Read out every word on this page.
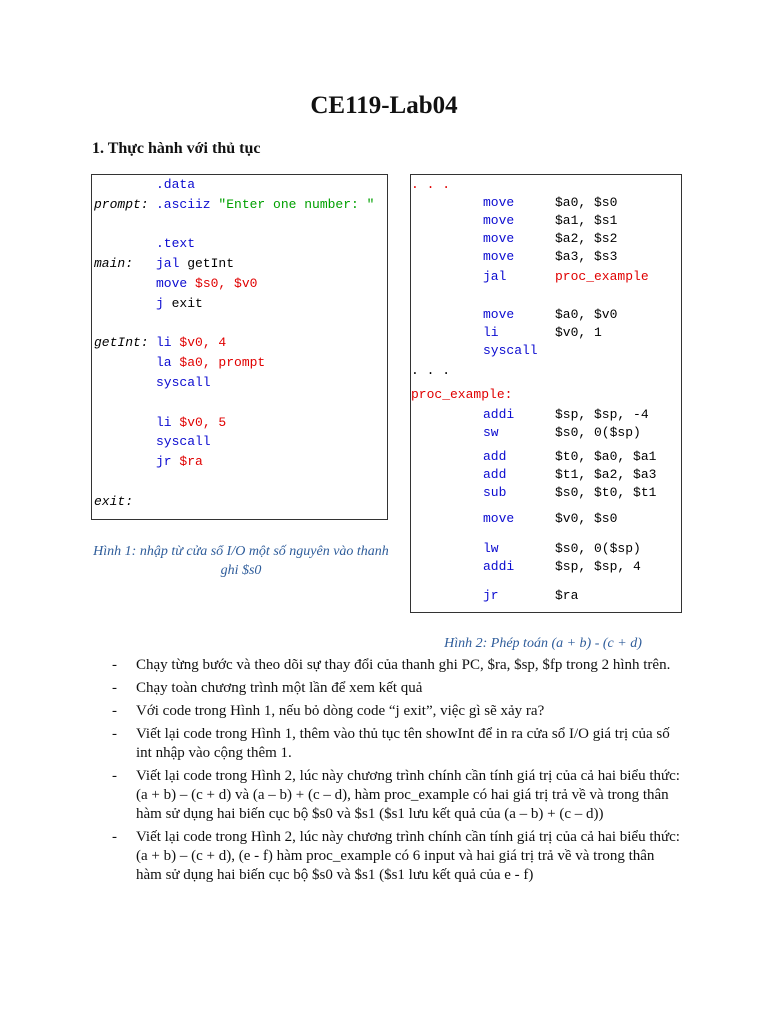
CE119-Lab04
1. Thực hành với thủ tục
.data
prompt: .asciiz "Enter one number: "
.text
main: jal getInt
move $s0, $v0
j exit
getInt: li $v0, 4
la $a0, prompt
syscall
li $v0, 5
syscall
jr $ra
exit:
. . .
move	$a0, $s0
move	$a1, $s1
move	$a2, $s2
move	$a3, $s3
jal	proc_example
move	$a0, $v0
li	$v0, 1
syscall
. . .
proc_example:
addi	$sp, $sp, -4
sw	$s0, 0($sp)
add	$t0, $a0, $a1
add	$t1, $a2, $a3
sub	$s0, $t0, $t1
move	$v0, $s0
lw	$s0, 0($sp)
addi	$sp, $sp, 4
jr	$ra
Hình 1: nhập từ cửa sổ I/O một số nguyên vào thanh ghi $s0
Hình 2: Phép toán (a + b) - (c + d)
- Chạy từng bước và theo dõi sự thay đổi của thanh ghi PC, $ra, $sp, $fp trong 2 hình trên.
- Chạy toàn chương trình một lần để xem kết quả
- Với code trong Hình 1, nếu bỏ dòng code “j exit”, việc gì sẽ xảy ra?
- Viết lại code trong Hình 1, thêm vào thủ tục tên showInt để in ra cửa sổ I/O giá trị của số int nhập vào cộng thêm 1.
- Viết lại code trong Hình 2, lúc này chương trình chính cần tính giá trị của cả hai biểu thức: (a + b) – (c + d) và (a – b) + (c – d), hàm proc_example có hai giá trị trả về và trong thân hàm sử dụng hai biến cục bộ $s0 và $s1 ($s1 lưu kết quả của (a – b) + (c – d))
- Viết lại code trong Hình 2, lúc này chương trình chính cần tính giá trị của cả hai biểu thức: (a + b) – (c + d), (e - f) hàm proc_example có 6 input và hai giá trị trả về và trong thân hàm sử dụng hai biến cục bộ $s0 và $s1 ($s1 lưu kết quả của e - f)
